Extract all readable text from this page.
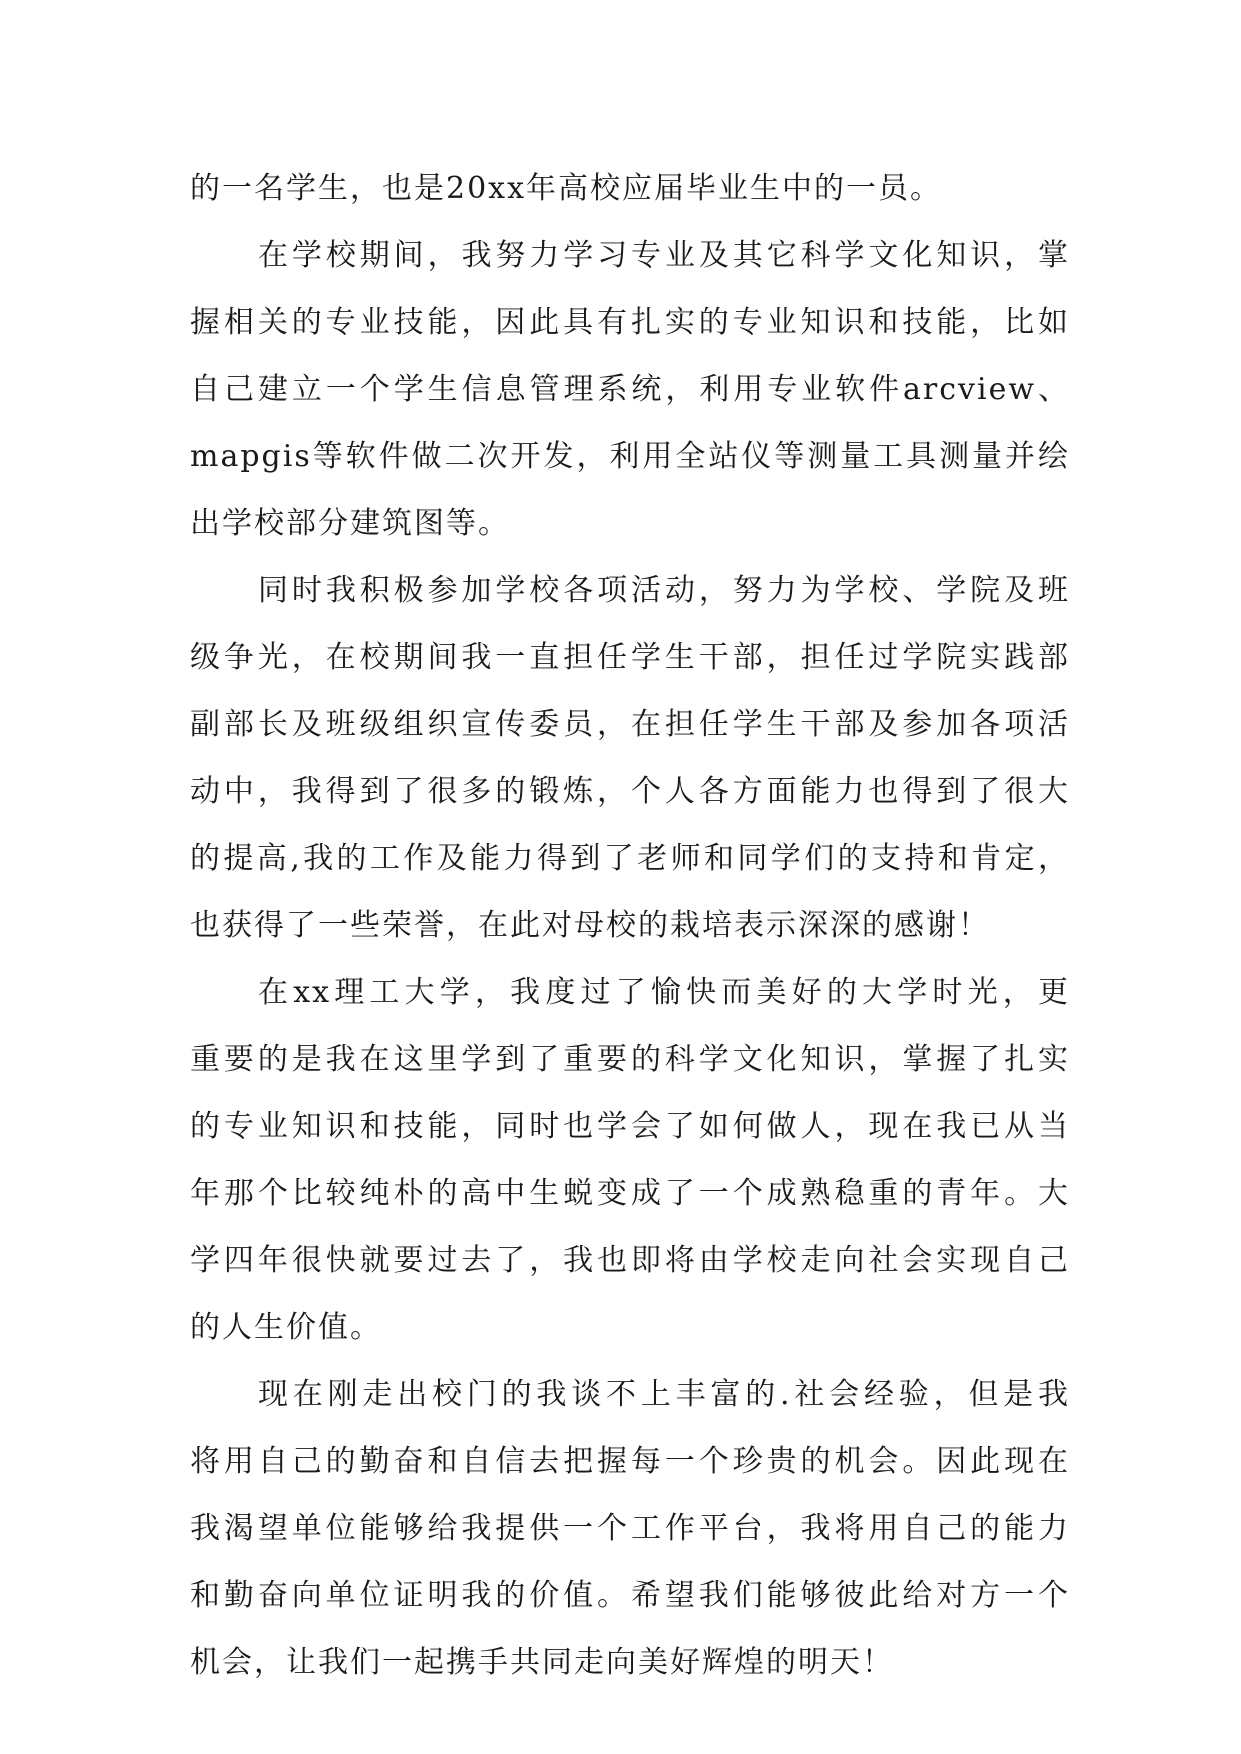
的一名学生，也是20xx年高校应届毕业生中的一员。
在学校期间，我努力学习专业及其它科学文化知识，掌
握相关的专业技能，因此具有扎实的专业知识和技能，比如
自己建立一个学生信息管理系统，利用专业软件arcview、
mapgis等软件做二次开发，利用全站仪等测量工具测量并绘
出学校部分建筑图等。
同时我积极参加学校各项活动，努力为学校、学院及班
级争光，在校期间我一直担任学生干部，担任过学院实践部
副部长及班级组织宣传委员，在担任学生干部及参加各项活
动中，我得到了很多的锻炼，个人各方面能力也得到了很大
的提高,我的工作及能力得到了老师和同学们的支持和肯定，
也获得了一些荣誉，在此对母校的栽培表示深深的感谢！
在xx理工大学，我度过了愉快而美好的大学时光，更
重要的是我在这里学到了重要的科学文化知识，掌握了扎实
的专业知识和技能，同时也学会了如何做人，现在我已从当
年那个比较纯朴的高中生蜕变成了一个成熟稳重的青年。大
学四年很快就要过去了，我也即将由学校走向社会实现自己
的人生价值。
现在刚走出校门的我谈不上丰富的.社会经验，但是我
将用自己的勤奋和自信去把握每一个珍贵的机会。因此现在
我渴望单位能够给我提供一个工作平台，我将用自己的能力
和勤奋向单位证明我的价值。希望我们能够彼此给对方一个
机会，让我们一起携手共同走向美好辉煌的明天！
